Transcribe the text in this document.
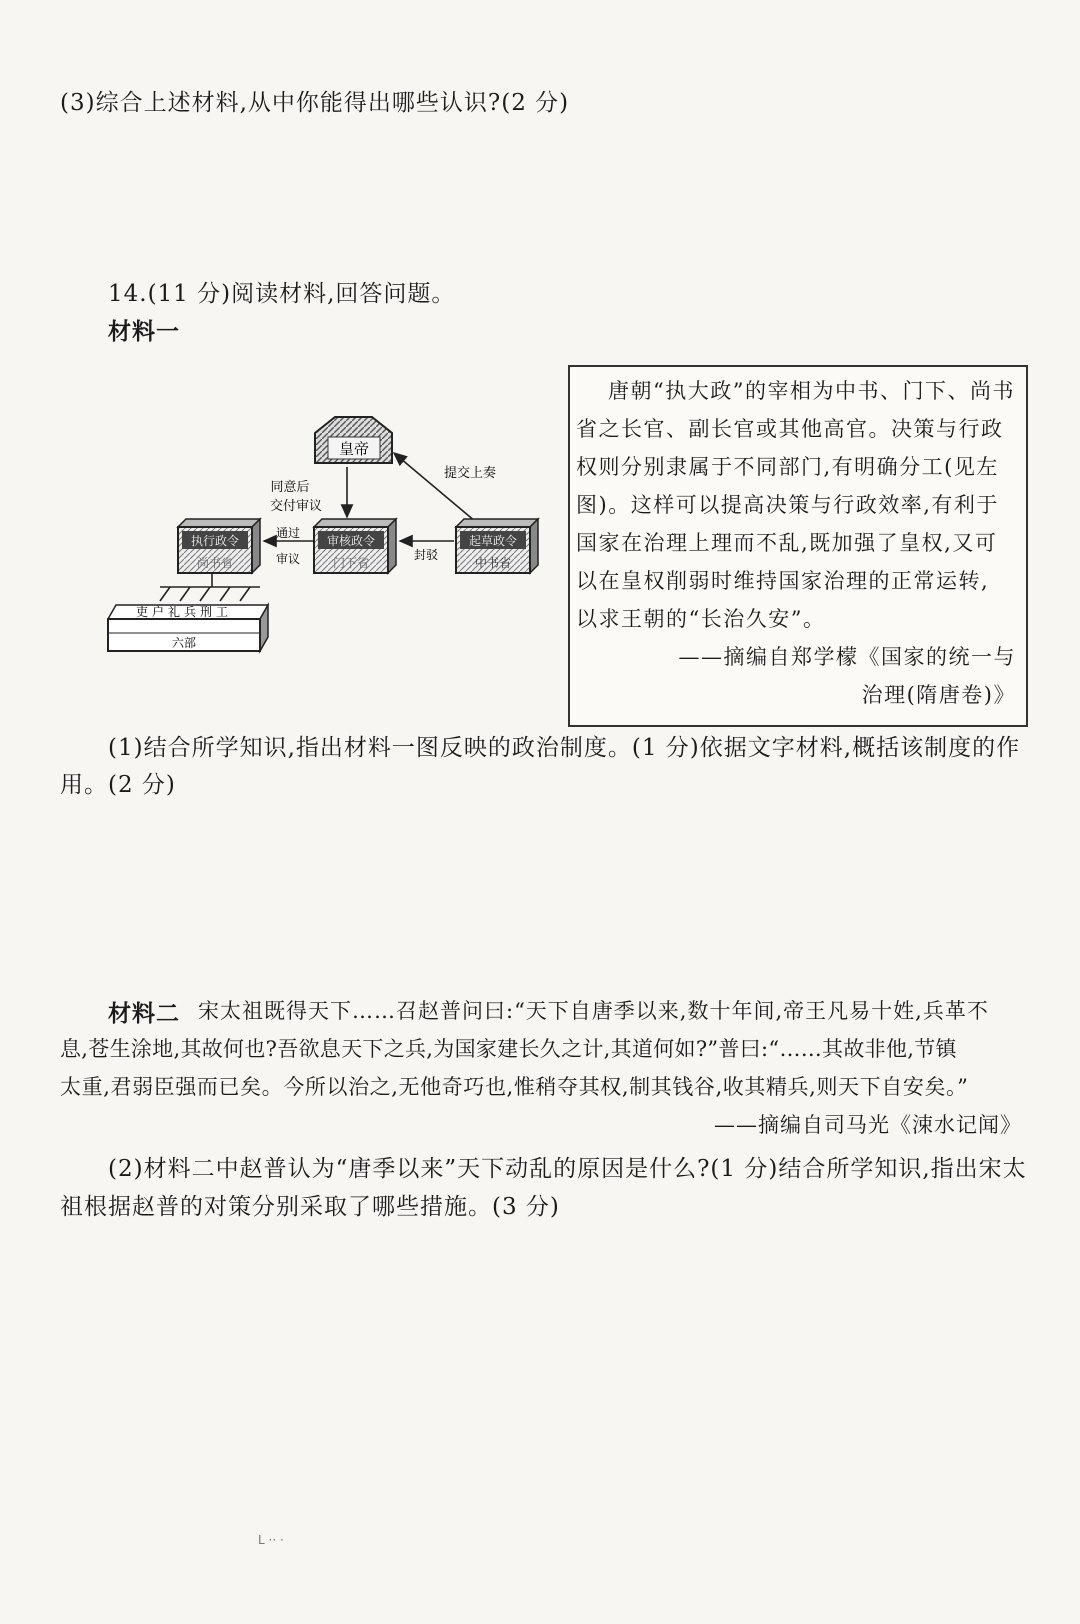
(3)综合上述材料,从中你能得出哪些认识?(2 分)
14.(11 分)阅读材料,回答问题。
材料一
皇帝
同意后
交付审议
提交上奏
执行政令
尚书省
审核政令
门下省
起草政令
中书省
通过
审议	封驳
吏户礼兵刑工
六部
唐朝“执大政”的宰相为中书、门下、尚书
省之长官、副长官或其他高官。决策与行政
权则分别隶属于不同部门,有明确分工(见左
图)。这样可以提高决策与行政效率,有利于
国家在治理上理而不乱,既加强了皇权,又可
以在皇权削弱时维持国家治理的正常运转,
以求王朝的“长治久安”。
——摘编自郑学檬《国家的统一与
治理(隋唐卷)》
(1)结合所学知识,指出材料一图反映的政治制度。(1 分)依据文字材料,概括该制度的作
用。(2 分)
材料二 宋太祖既得天下……召赵普问曰:“天下自唐季以来,数十年间,帝王凡易十姓,兵革不
息,苍生涂地,其故何也?吾欲息天下之兵,为国家建长久之计,其道何如?”普曰:“……其故非他,节镇
太重,君弱臣强而已矣。今所以治之,无他奇巧也,惟稍夺其权,制其钱谷,收其精兵,则天下自安矣。”
——摘编自司马光《涑水记闻》
(2)材料二中赵普认为“唐季以来”天下动乱的原因是什么?(1 分)结合所学知识,指出宋太
祖根据赵普的对策分别采取了哪些措施。(3 分)
L ·· ·
